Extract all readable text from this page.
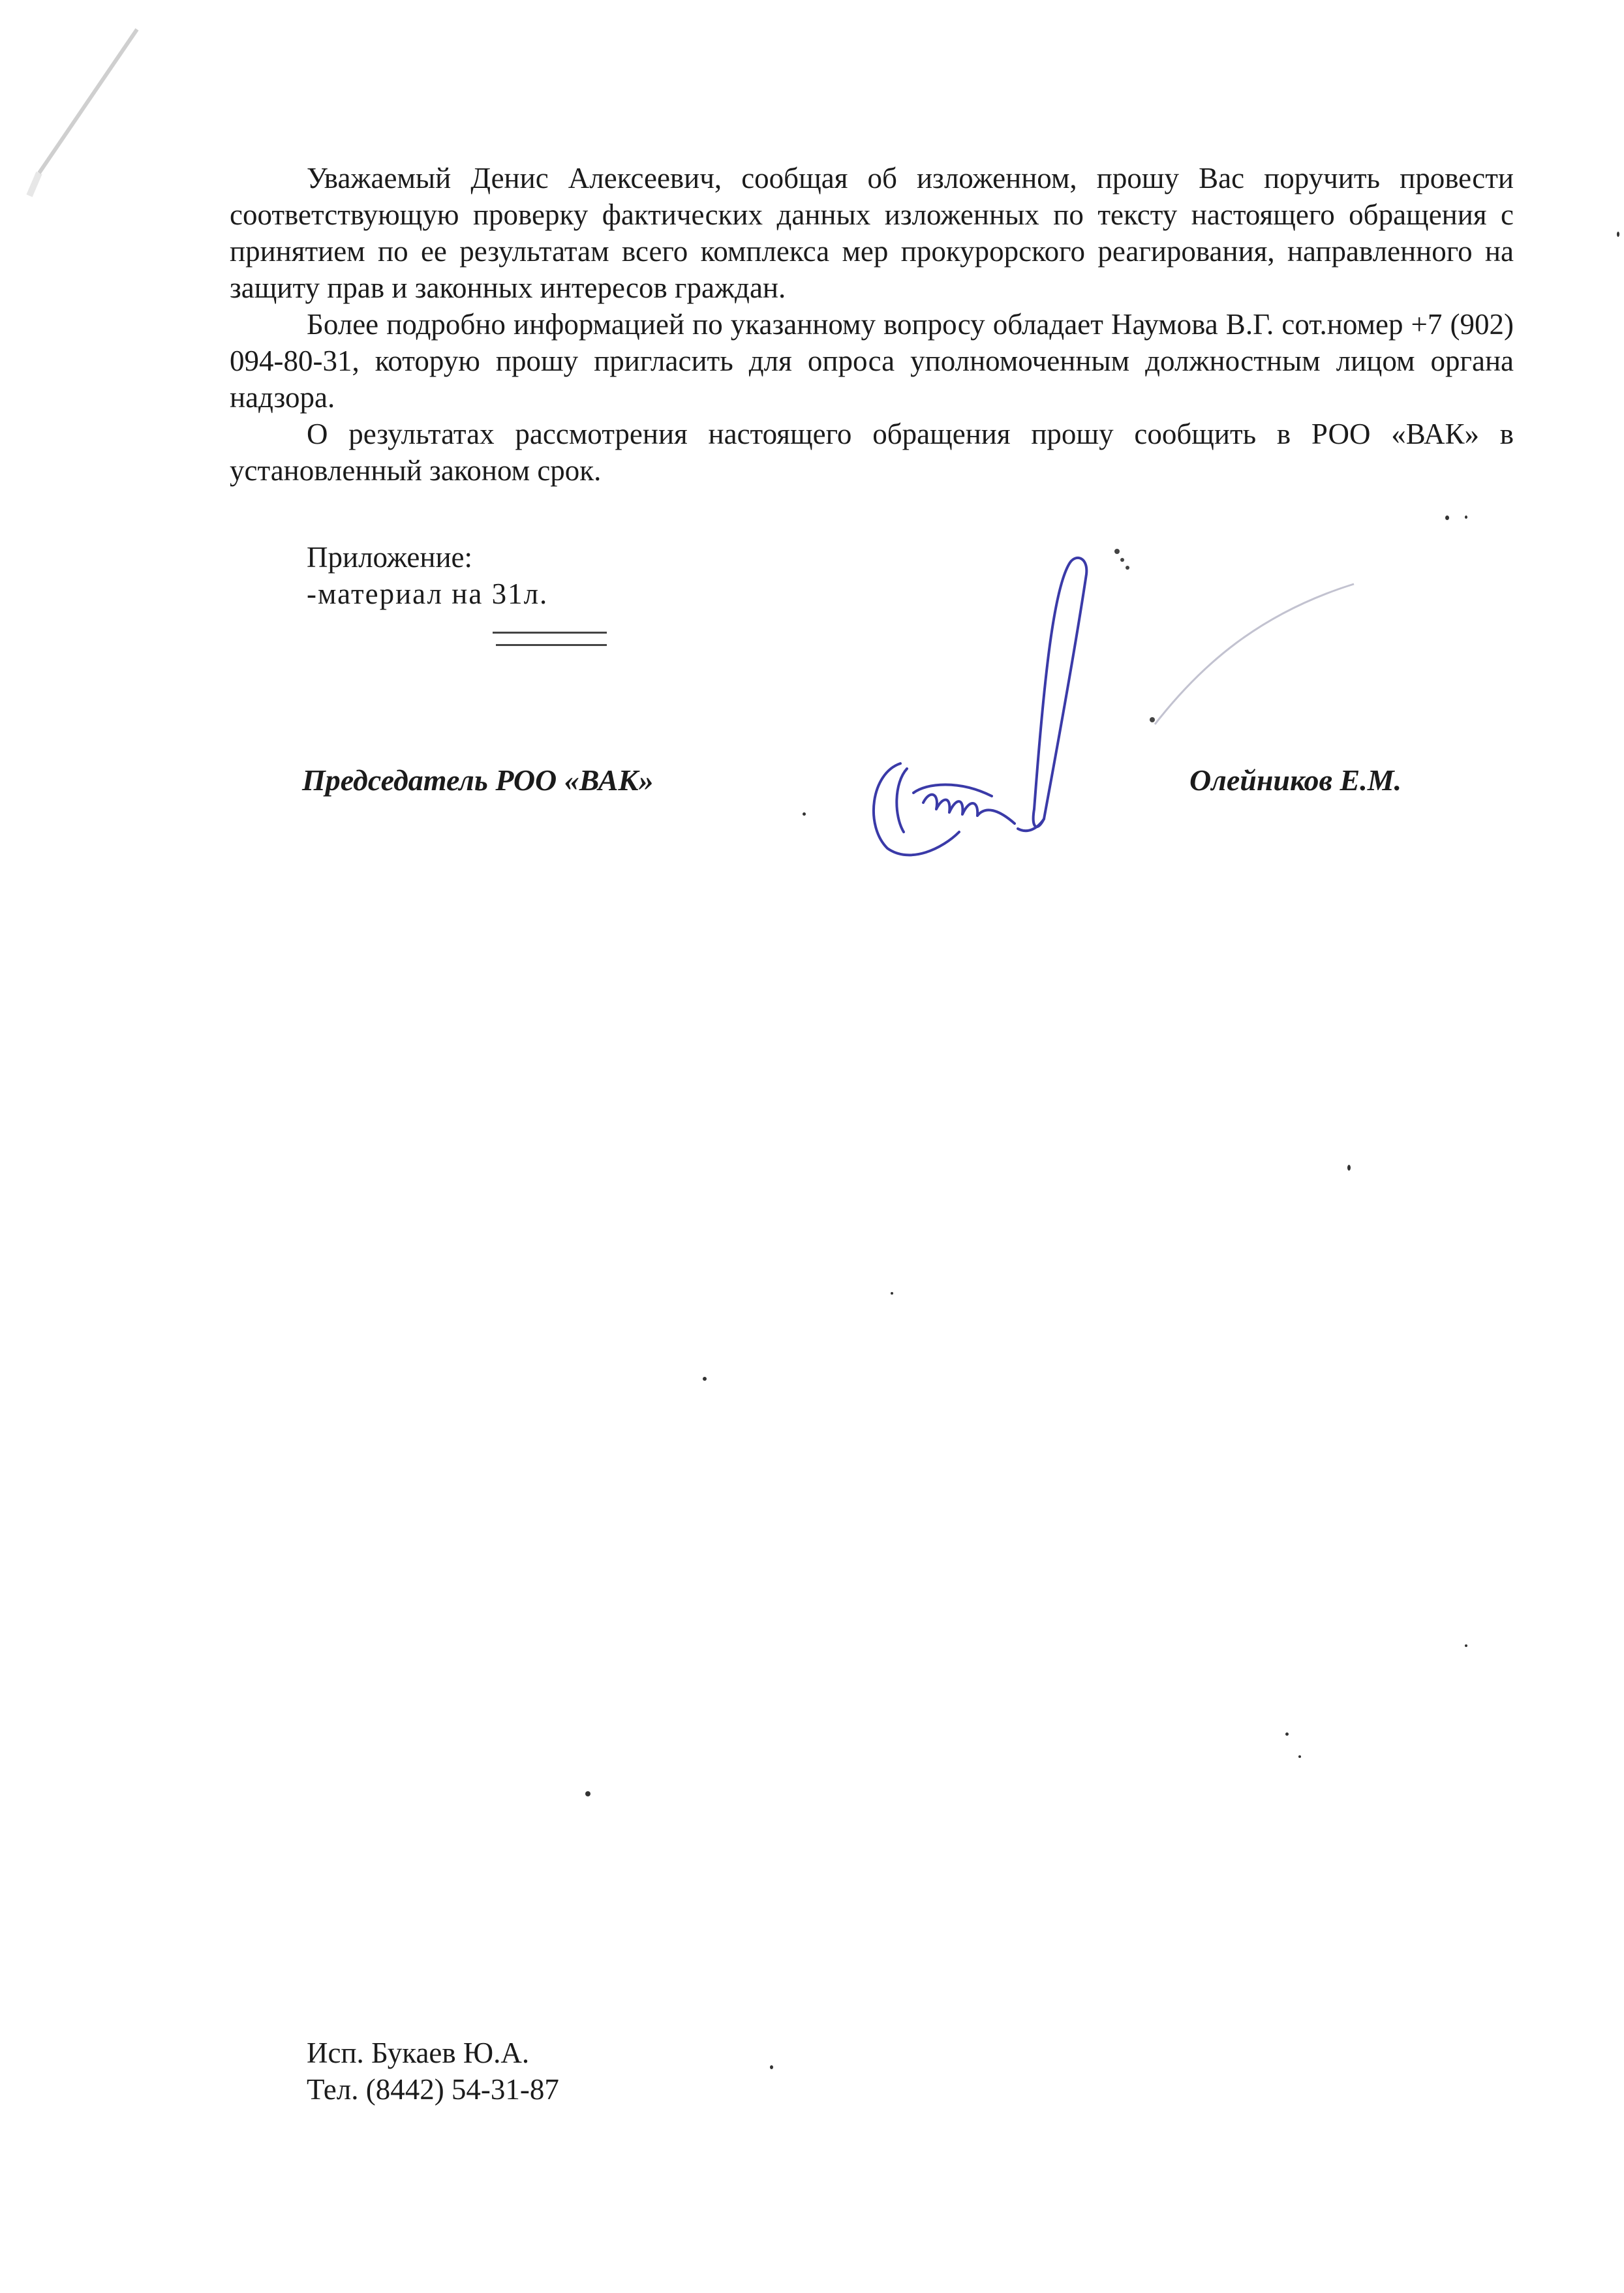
Уважаемый Денис Алексеевич, сообщая об изложенном, прошу Вас поручить провести соответствующую проверку фактических данных изложенных по тексту настоящего обращения с принятием по ее результатам всего комплекса мер прокурорского реагирования, направленного на защиту прав и законных интересов граждан.

Более подробно информацией по указанному вопросу обладает Наумова В.Г. сот.номер +7 (902) 094-80-31, которую прошу пригласить для опроса уполномоченным должностным лицом органа надзора.

О результатах рассмотрения настоящего обращения прошу сообщить в РОО «ВАК» в установленный законом срок.

Приложение:
-материал на 31л.
Председатель РОО «ВАК»	Олейников Е.М.
Исп. Букаев Ю.А.
Тел. (8442) 54-31-87
